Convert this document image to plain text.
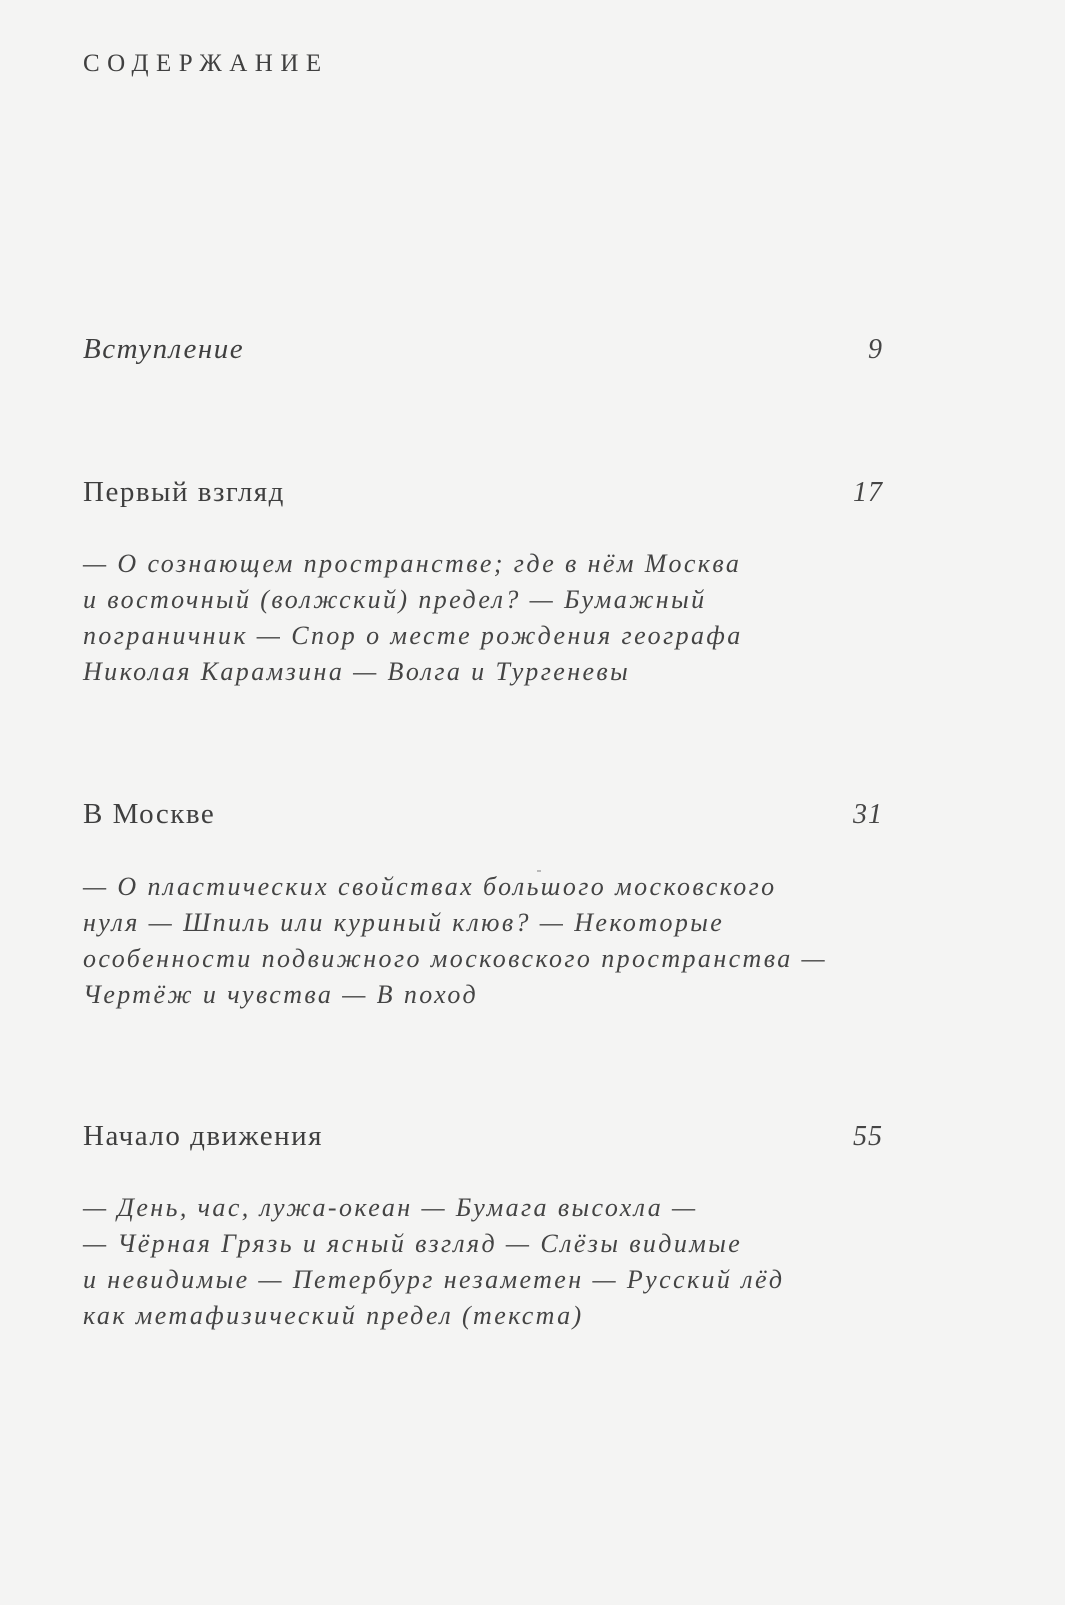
СОДЕРЖАНИЕ
Вступление	9
Первый взгляд	17

— О сознающем пространстве; где в нём Москва
и восточный (волжский) предел? — Бумажный
пограничник — Спор о месте рождения географа
Николая Карамзина — Волга и Тургеневы

В Москве	31

— О пластических свойствах большого московского
нуля — Шпиль или куриный клюв? — Некоторые
особенности подвижного московского пространства —
Чертёж и чувства — В поход

Начало движения	55

— День, час, лужа-океан — Бумага высохла —
— Чёрная Грязь и ясный взгляд — Слёзы видимые
и невидимые — Петербург незаметен — Русский лёд
как метафизический предел (текста)
